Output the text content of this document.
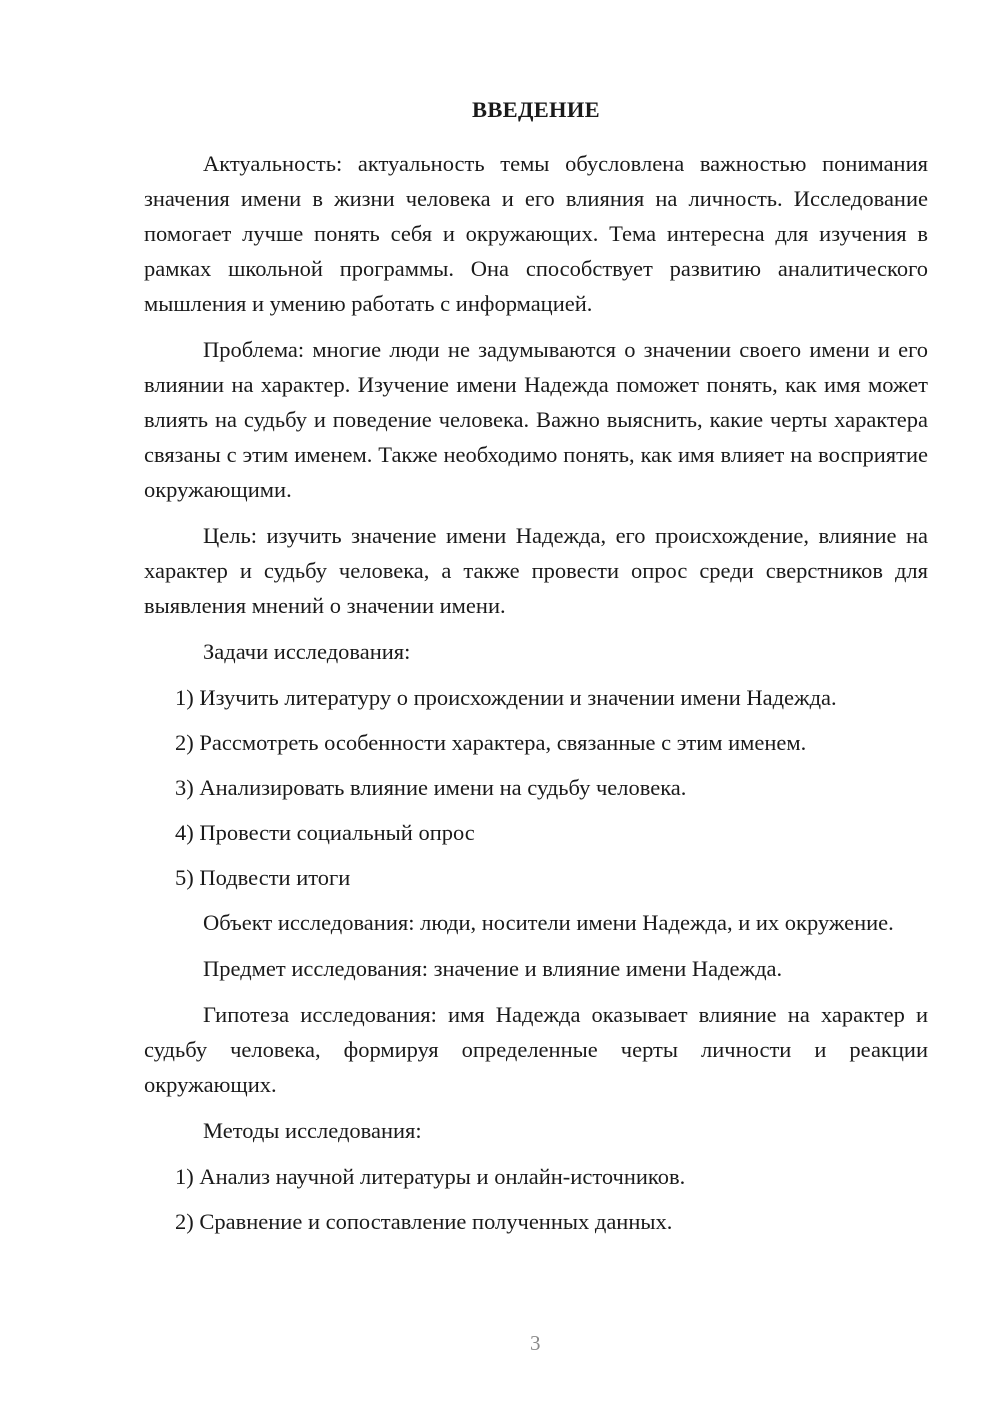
ВВЕДЕНИЕ

Актуальность: актуальность темы обусловлена важностью понимания значения имени в жизни человека и его влияния на личность. Исследование помогает лучше понять себя и окружающих. Тема интересна для изучения в рамках школьной программы. Она способствует развитию аналитического мышления и умению работать с информацией.

Проблема: многие люди не задумываются о значении своего имени и его влиянии на характер. Изучение имени Надежда поможет понять, как имя может влиять на судьбу и поведение человека. Важно выяснить, какие черты характера связаны с этим именем. Также необходимо понять, как имя влияет на восприятие окружающими.

Цель: изучить значение имени Надежда, его происхождение, влияние на характер и судьбу человека, а также провести опрос среди сверстников для выявления мнений о значении имени.

Задачи исследования:

1) Изучить литературу о происхождении и значении имени Надежда.
2) Рассмотреть особенности характера, связанные с этим именем.
3) Анализировать влияние имени на судьбу человека.
4) Провести социальный опрос
5) Подвести итоги

Объект исследования: люди, носители имени Надежда, и их окружение.

Предмет исследования: значение и влияние имени Надежда.

Гипотеза исследования: имя Надежда оказывает влияние на характер и судьбу человека, формируя определенные черты личности и реакции окружающих.

Методы исследования:

1) Анализ научной литературы и онлайн-источников.
2) Сравнение и сопоставление полученных данных.
3
